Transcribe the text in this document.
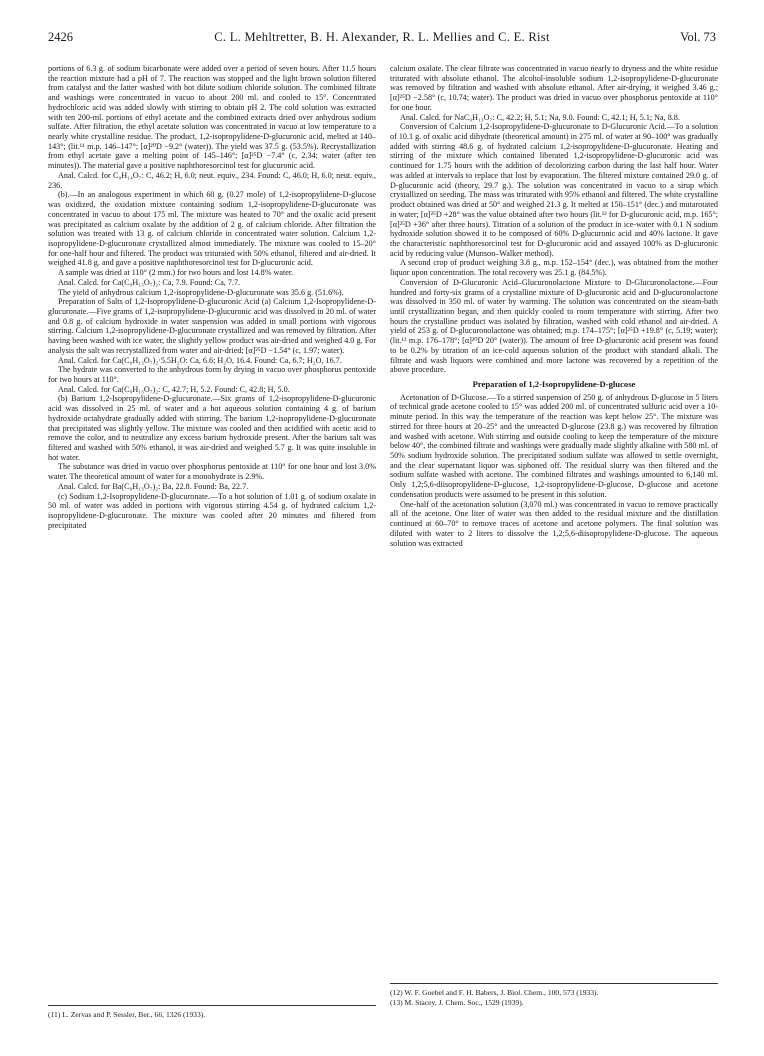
2426	C. L. Mehltretter, B. H. Alexander, R. L. Mellies and C. E. Rist	Vol. 73

portions of 6.3 g. of sodium bicarbonate were added over a period of seven hours. After 11.5 hours the reaction mixture had a pH of 7. The reaction was stopped and the light brown solution filtered from catalyst and the latter washed with hot dilute sodium chloride solution. The combined filtrate and washings were concentrated in vacuo to about 200 ml. and cooled to 15°. Concentrated hydrochloric acid was added slowly with stirring to obtain pH 2. The cold solution was extracted with ten 200-ml. portions of ethyl acetate and the combined extracts dried over anhydrous sodium sulfate. After filtration, the ethyl acetate solution was concentrated in vacuo at low temperature to a nearly white crystalline residue. The product, 1,2-isopropylidene-D-glucuronic acid, melted at 140–143°; (lit.¹¹ m.p. 146–147°; [α]²⁰D −9.2° (water)). The yield was 37.5 g. (53.5%). Recrystallization from ethyl acetate gave a melting point of 145–146°; [α]²⁵D −7.4° (c, 2.34; water (after ten minutes)). The material gave a positive naphthoresorcinol test for glucuronic acid.

Anal. Calcd. for C₉H₁₄O₇: C, 46.2; H, 6.0; neut. equiv., 234. Found: C, 46.0; H, 6.0; neut. equiv., 236.

(b).—In an analogous experiment in which 60 g. (0.27 mole) of 1,2-isopropylidene-D-glucose was oxidized, the oxidation mixture containing sodium 1,2-isopropylidene-D-glucuronate was concentrated in vacuo to about 175 ml. The mixture was heated to 70° and the oxalic acid present was precipitated as calcium oxalate by the addition of 2 g. of calcium chloride. After filtration the solution was treated with 13 g. of calcium chloride in concentrated water solution. Calcium 1,2-isopropylidene-D-glucuronate crystallized almost immediately. The mixture was cooled to 15–20° for one-half hour and filtered. The product was triturated with 50% ethanol, filtered and air-dried. It weighed 41.8 g. and gave a positive naphthoresorcinol test for D-glucuronic acid.

A sample was dried at 110° (2 mm.) for two hours and lost 14.8% water.

Anal. Calcd. for Ca(C₉H₁₃O₇)₂: Ca, 7.9. Found: Ca, 7.7.

The yield of anhydrous calcium 1,2-isopropylidene-D-glucuronate was 35.6 g. (51.6%).

Preparation of Salts of 1,2-Isopropylidene-D-glucuronic Acid (a) Calcium 1,2-Isopropylidene-D-glucuronate.—Five grams of 1,2-isopropylidene-D-glucuronic acid was dissolved in 20 ml. of water and 0.8 g. of calcium hydroxide in water suspension was added in small portions with vigorous stirring. Calcium 1,2-isopropylidene-D-glucuronate crystallized and was removed by filtration. After having been washed with ice water, the slightly yellow product was air-dried and weighed 4.0 g. For analysis the salt was recrystallized from water and air-dried; [α]²⁵D −1.54° (c, 1.97; water).

Anal. Calcd. for Ca(C₉H₁₃O₇)₂·5.5H₂O: Ca, 6.6; H₂O, 16.4. Found: Ca, 6.7; H₂O, 16.7.

The hydrate was converted to the anhydrous form by drying in vacuo over phosphorus pentoxide for two hours at 110°.

Anal. Calcd. for Ca(C₉H₁₃O₇)₂: C, 42.7; H, 5.2. Found: C, 42.8; H, 5.0.

(b) Barium 1,2-Isopropylidene-D-glucuronate.—Six grams of 1,2-isopropylidene-D-glucuronic acid was dissolved in 25 ml. of water and a hot aqueous solution containing 4 g. of barium hydroxide octahydrate gradually added with stirring. The barium 1,2-isopropylidene-D-glucuronate that precipitated was slightly yellow. The mixture was cooled and then acidified with acetic acid to remove the color, and to neutralize any excess barium hydroxide present. After the barium salt was filtered and washed with 50% ethanol, it was air-dried and weighed 5.7 g. It was quite insoluble in hot water.

The substance was dried in vacuo over phosphorus pentoxide at 110° for one hour and lost 3.0% water. The theoretical amount of water for a monohydrate is 2.9%.

Anal. Calcd. for Ba(C₉H₁₃O₇)₂: Ba, 22.8. Found: Ba, 22.7.

(c) Sodium 1,2-Isopropylidene-D-glucuronate.—To a hot solution of 1.01 g. of sodium oxalate in 50 ml. of water was added in portions with vigorous stirring 4.54 g. of hydrated calcium 1,2-isopropylidene-D-glucuronate. The mixture was cooled after 20 minutes and filtered from precipitated

calcium oxalate. The clear filtrate was concentrated in vacuo nearly to dryness and the white residue triturated with absolute ethanol. The alcohol-insoluble sodium 1,2-isopropylidene-D-glucuronate was removed by filtration and washed with absolute ethanol. After air-drying, it weighed 3.46 g.; [α]²⁵D −2.58° (c, 10.74; water). The product was dried in vacuo over phosphorus pentoxide at 110° for one hour.

Anal. Calcd. for NaC₉H₁₃O₇: C, 42.2; H, 5.1; Na, 9.0. Found: C, 42.1; H, 5.1; Na, 8.8.

Conversion of Calcium 1,2-Isopropylidene-D-glucuronate to D-Glucuronic Acid.—To a solution of 10.1 g. of oxalic acid dihydrate (theoretical amount) in 275 ml. of water at 90–100° was gradually added with stirring 48.6 g. of hydrated calcium 1,2-isopropylidene-D-glucuronate. Heating and stirring of the mixture which contained liberated 1,2-isopropylidene-D-glucuronic acid was continued for 1.75 hours with the addition of decolorizing carbon during the last half hour. Water was added at intervals to replace that lost by evaporation. The filtered mixture contained 29.0 g. of D-glucuronic acid (theory, 29.7 g.). The solution was concentrated in vacuo to a sirup which crystallized on seeding. The mass was triturated with 95% ethanol and filtered. The white crystalline product obtained was dried at 50° and weighed 21.3 g. It melted at 150–151° (dec.) and mutarotated in water; [α]²⁵D +28° was the value obtained after two hours (lit.¹² for D-glucuronic acid, m.p. 165°; [α]²⁵D +36° after three hours). Titration of a solution of the product in ice-water with 0.1 N sodium hydroxide solution showed it to be composed of 60% D-glucuronic acid and 40% lactone. It gave the characteristic naphthoresorcinol test for D-glucuronic acid and assayed 100% as D-glucuronic acid by reducing value (Munson–Walker method).

A second crop of product weighing 3.8 g., m.p. 152–154° (dec.), was obtained from the mother liquor upon concentration. The total recovery was 25.1 g. (84.5%).

Conversion of D-Glucuronic Acid–Glucuronolactone Mixture to D-Glucuronolactone.—Four hundred and forty-six grams of a crystalline mixture of D-glucuronic acid and D-glucuronolactone was dissolved in 350 ml. of water by warming. The solution was concentrated on the steam-bath until crystallization began, and then quickly cooled to room temperature with stirring. After two hours the crystalline product was isolated by filtration, washed with cold ethanol and air-dried. A yield of 253 g. of D-glucuronolactone was obtained; m.p. 174–175°; [α]²⁵D +19.8° (c, 5.19; water); (lit.¹³ m.p. 176–178°; [α]²⁰D 20° (water)). The amount of free D-glucuronic acid present was found to be 0.2% by titration of an ice-cold aqueous solution of the product with standard alkali. The filtrate and wash liquors were combined and more lactone was recovered by a repetition of the above procedure.

Preparation of 1,2-Isopropylidene-D-glucose

Acetonation of D-Glucose.—To a stirred suspension of 250 g. of anhydrous D-glucose in 5 liters of technical grade acetone cooled to 15° was added 200 ml. of concentrated sulfuric acid over a 10-minute period. In this way the temperature of the reaction was kept below 25°. The mixture was stirred for three hours at 20–25° and the unreacted D-glucose (23.8 g.) was recovered by filtration and washed with acetone. With stirring and outside cooling to keep the temperature of the mixture below 40°, the combined filtrate and washings were gradually made slightly alkaline with 580 ml. of 50% sodium hydroxide solution. The precipitated sodium sulfate was allowed to settle overnight, and the clear supernatant liquor was siphoned off. The residual slurry was then filtered and the sodium sulfate washed with acetone. The combined filtrates and washings amounted to 6,140 ml. Only 1,2;5,6-diisopropylidene-D-glucose, 1,2-isopropylidene-D-glucose, D-glucose and acetone condensation products were assumed to be present in this solution.

One-half of the acetonation solution (3,070 ml.) was concentrated in vacuo to remove practically all of the acetone. One liter of water was then added to the residual mixture and the distillation continued at 60–70° to remove traces of acetone and acetone polymers. The final solution was diluted with water to 2 liters to dissolve the 1,2;5,6-diisopropylidene-D-glucose. The aqueous solution was extracted

(11) L. Zervas and P. Sessler, Ber., 66, 1326 (1933).

(12) W. F. Goebel and F. H. Babers, J. Biol. Chem., 100, 573 (1933).

(13) M. Stacey, J. Chem. Soc., 1529 (1939).
